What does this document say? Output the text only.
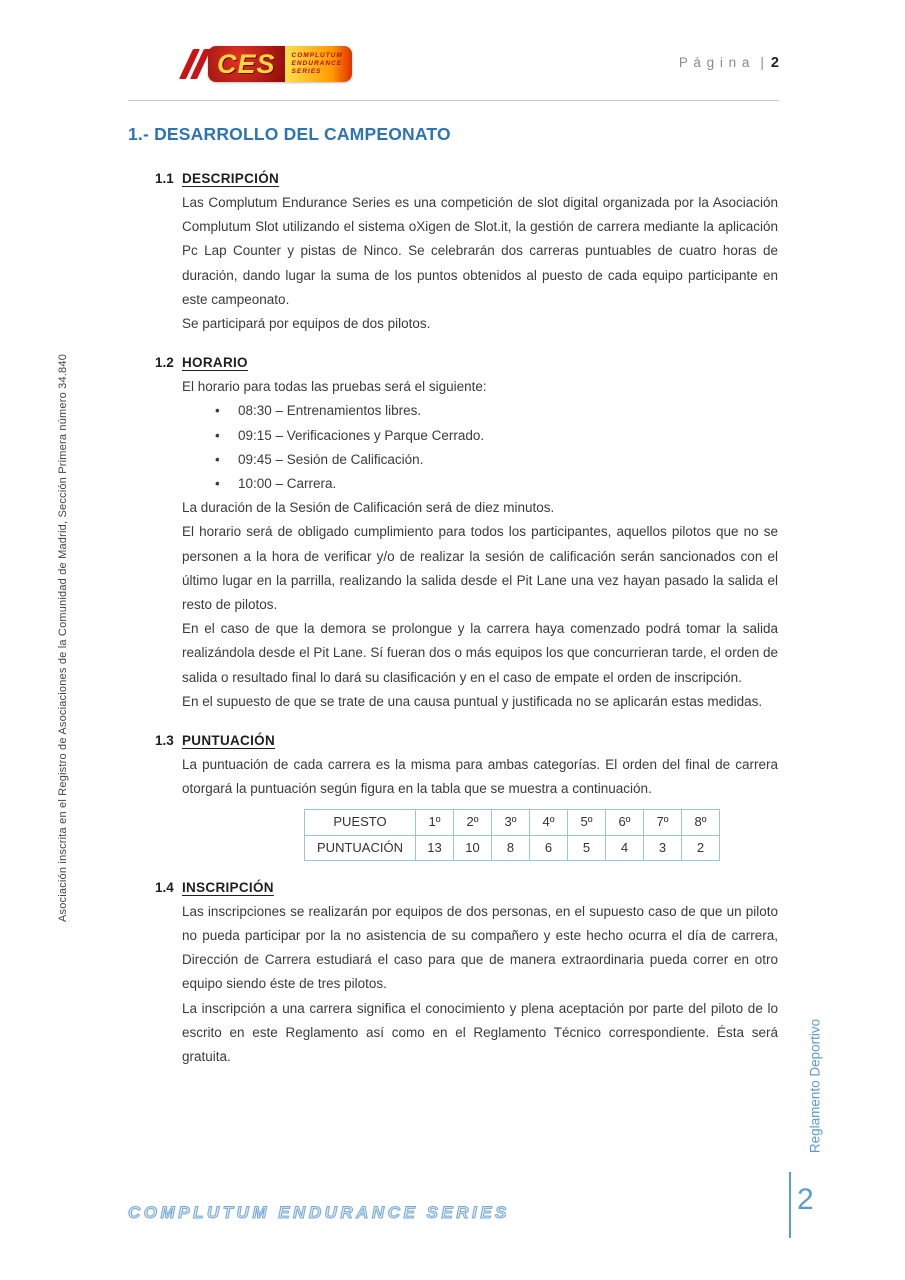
CES COMPLUTUM
ENDURANCE
SERIES
P á g i n a | 2
1.- DESARROLLO DEL CAMPEONATO
1.1 DESCRIPCIÓN

Las Complutum Endurance Series es una competición de slot digital organizada por la Asociación Complutum Slot utilizando el sistema oXigen de Slot.it, la gestión de carrera mediante la aplicación Pc Lap Counter y pistas de Ninco. Se celebrarán dos carreras puntuables de cuatro horas de duración, dando lugar la suma de los puntos obtenidos al puesto de cada equipo participante en este campeonato.

Se participará por equipos de dos pilotos.

1.2 HORARIO

El horario para todas las pruebas será el siguiente:

•	08:30 – Entrenamientos libres.
•	09:15 – Verificaciones y Parque Cerrado.
•	09:45 – Sesión de Calificación.
•	10:00 – Carrera.

La duración de la Sesión de Calificación será de diez minutos.

El horario será de obligado cumplimiento para todos los participantes, aquellos pilotos que no se personen a la hora de verificar y/o de realizar la sesión de calificación serán sancionados con el último lugar en la parrilla, realizando la salida desde el Pit Lane una vez hayan pasado la salida el resto de pilotos.

En el caso de que la demora se prolongue y la carrera haya comenzado podrá tomar la salida realizándola desde el Pit Lane. Sí fueran dos o más equipos los que concurrieran tarde, el orden de salida o resultado final lo dará su clasificación y en el caso de empate el orden de inscripción.

En el supuesto de que se trate de una causa puntual y justificada no se aplicarán estas medidas.

1.3 PUNTUACIÓN

La puntuación de cada carrera es la misma para ambas categorías. El orden del final de carrera otorgará la puntuación según figura en la tabla que se muestra a continuación.

PUESTO	1º	2º	3º	4º	5º	6º	7º	8º
PUNTUACIÓN	13	10	8	6	5	4	3	2
1.4 INSCRIPCIÓN

Las inscripciones se realizarán por equipos de dos personas, en el supuesto caso de que un piloto no pueda participar por la no asistencia de su compañero y este hecho ocurra el día de carrera, Dirección de Carrera estudiará el caso para que de manera extraordinaria pueda correr en otro equipo siendo éste de tres pilotos.

La inscripción a una carrera significa el conocimiento y plena aceptación por parte del piloto de lo escrito en este Reglamento así como en el Reglamento Técnico correspondiente. Ésta será gratuita.

Asociación inscrita en el Registro de Asociaciones de la Comunidad de Madrid, Sección Primera número 34.840
Reglamento Deportivo
2
COMPLUTUM ENDURANCE SERIES
